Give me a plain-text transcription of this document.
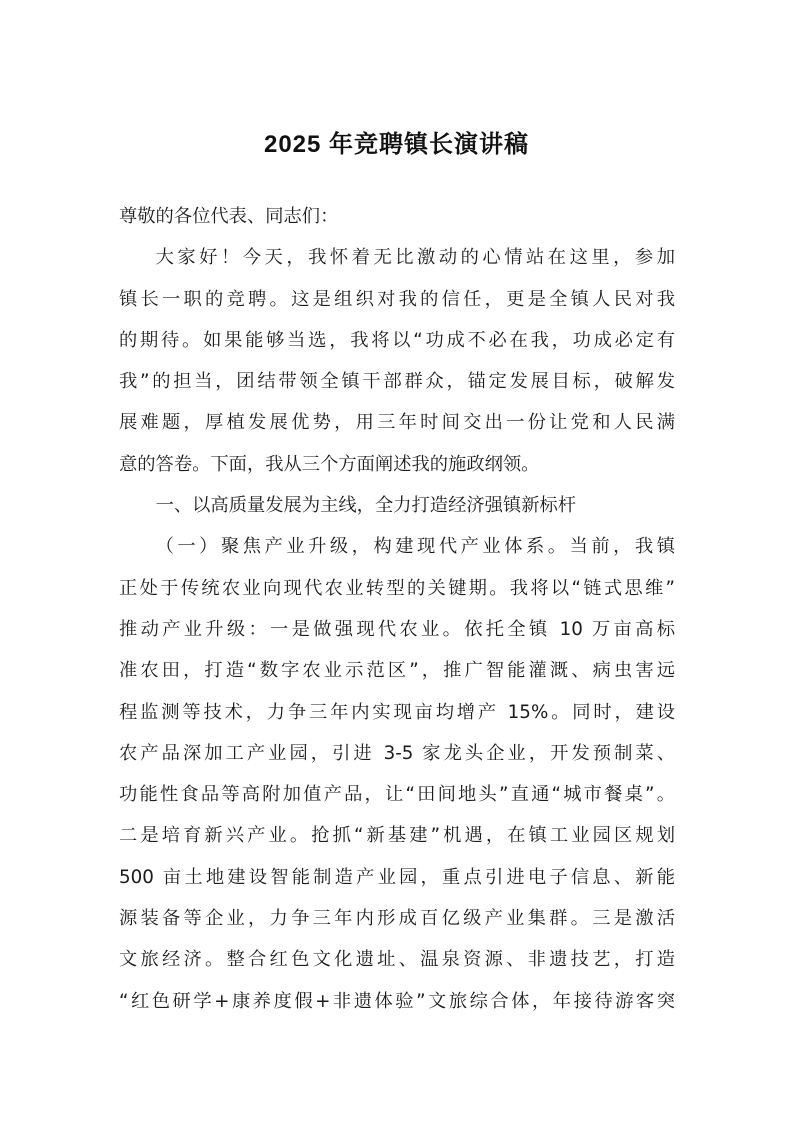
2025 年竞聘镇长演讲稿

尊敬的各位代表、同志们：

大家好！今天，我怀着无比激动的心情站在这里，参加
镇长一职的竞聘。这是组织对我的信任，更是全镇人民对我
的期待。如果能够当选，我将以“功成不必在我，功成必定有
我”的担当，团结带领全镇干部群众，锚定发展目标，破解发
展难题，厚植发展优势，用三年时间交出一份让党和人民满
意的答卷。下面，我从三个方面阐述我的施政纲领。

一、以高质量发展为主线，全力打造经济强镇新标杆

（一）聚焦产业升级，构建现代产业体系。当前，我镇
正处于传统农业向现代农业转型的关键期。我将以“链式思维”
推动产业升级：一是做强现代农业。依托全镇 10 万亩高标
准农田，打造“数字农业示范区”，推广智能灌溉、病虫害远
程监测等技术，力争三年内实现亩均增产 15%。同时，建设
农产品深加工产业园，引进 3-5 家龙头企业，开发预制菜、
功能性食品等高附加值产品，让“田间地头”直通“城市餐桌”。
二是培育新兴产业。抢抓“新基建”机遇，在镇工业园区规划
500 亩土地建设智能制造产业园，重点引进电子信息、新能
源装备等企业，力争三年内形成百亿级产业集群。三是激活
文旅经济。整合红色文化遗址、温泉资源、非遗技艺，打造
“红色研学+康养度假+非遗体验”文旅综合体，年接待游客突
